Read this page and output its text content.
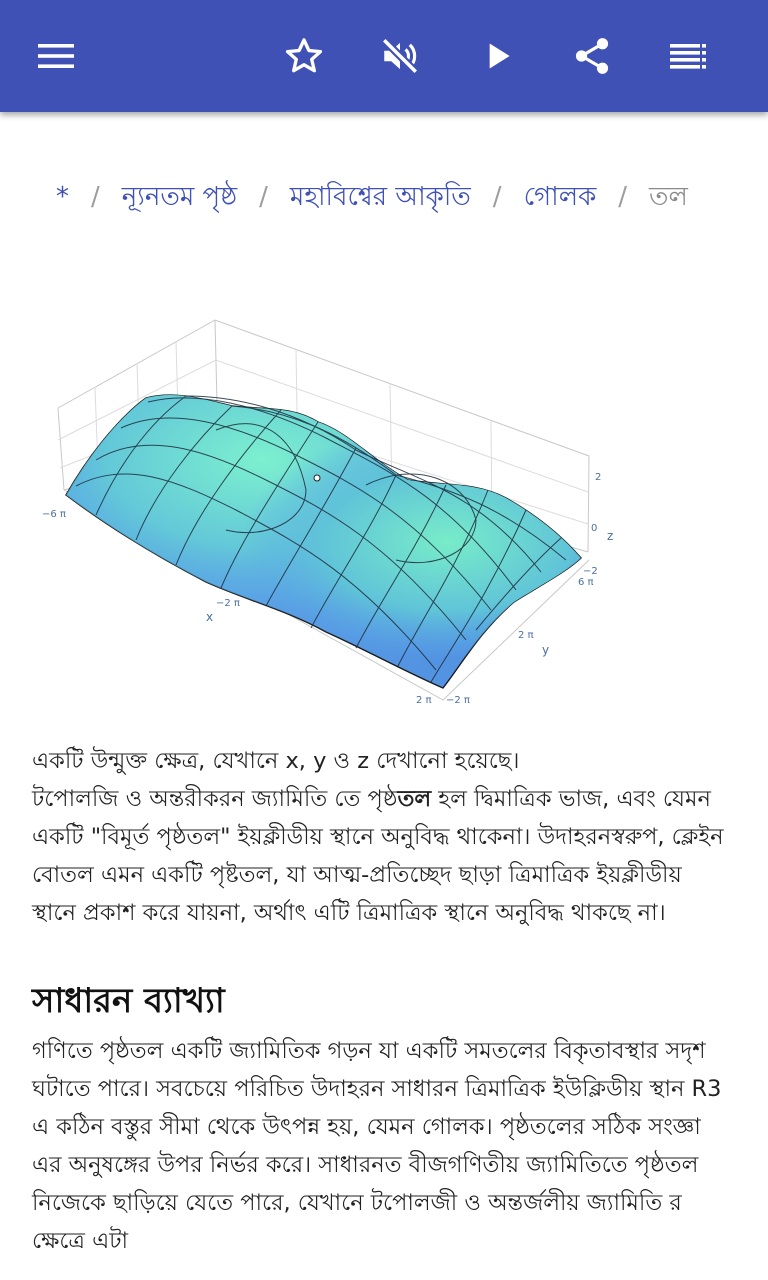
* / ন্যূনতম পৃষ্ঠ / মহাবিশ্বের আকৃতি / গোলক / তল
−6 π
−2 π
2 π
x
6 π
2 π
−2 π
y
2
0
−2
z

একটি উন্মুক্ত ক্ষেত্র, যেখানে x, y ও z দেখানো হয়েছে।

টপোলজি ও অন্তরীকরন জ্যামিতি তে পৃষ্ঠতল হল দ্বিমাত্রিক ভাজ, এবং যেমন একটি "বিমূর্ত পৃষ্ঠতল" ইয়ক্লীডীয় স্থানে অনুবিদ্ধ থাকেনা। উদাহরনস্বরুপ, ক্লেইন বোতল এমন একটি পৃষ্টতল, যা আত্ম-প্রতিচ্ছেদ ছাড়া ত্রিমাত্রিক ইয়ক্লীডীয় স্থানে প্রকাশ করে যায়না, অর্থাৎ এটি ত্রিমাত্রিক স্থানে অনুবিদ্ধ থাকছে না।

সাধারন ব্যাখ্যা

গণিতে পৃষ্ঠতল একটি জ্যামিতিক গড়ন যা একটি সমতলের বিকৃতাবস্থার সদৃশ ঘটাতে পারে। সবচেয়ে পরিচিত উদাহরন সাধারন ত্রিমাত্রিক ইউক্লিডীয় স্থান R3 এ কঠিন বস্তুর সীমা থেকে উৎপন্ন হয়, যেমন গোলক। পৃষ্ঠতলের সঠিক সংজ্ঞা এর অনুষঙ্গের উপর নির্ভর করে। সাধারনত বীজগণিতীয় জ্যামিতিতে পৃষ্ঠতল নিজেকে ছাড়িয়ে যেতে পারে, যেখানে টপোলজী ও অন্তর্জলীয় জ্যামিতি র ক্ষেত্রে এটা
